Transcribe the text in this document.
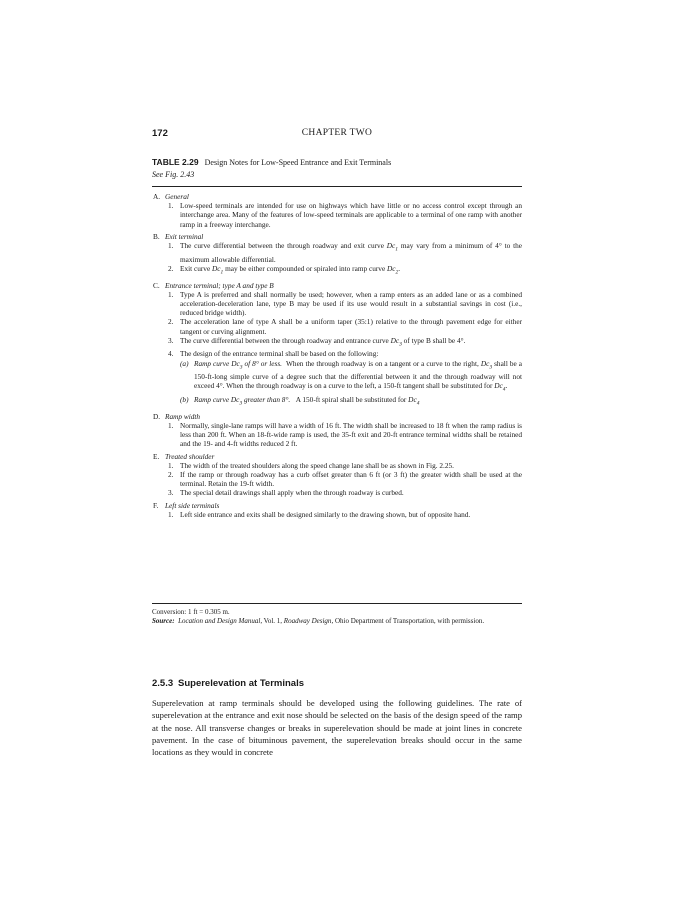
172	CHAPTER TWO
TABLE 2.29 Design Notes for Low-Speed Entrance and Exit Terminals
See Fig. 2.43
A. General
1. Low-speed terminals are intended for use on highways which have little or no access control except through an interchange area. Many of the features of low-speed terminals are applicable to a terminal of one ramp with another ramp in a freeway interchange.
B. Exit terminal
1. The curve differential between the through roadway and exit curve $Dc_1$ may vary from a minimum of 4° to the maximum allowable differential.
2. Exit curve $Dc_1$ may be either compounded or spiraled into ramp curve $Dc_2$.
C. Entrance terminal; type A and type B
1. Type A is preferred and shall normally be used; however, when a ramp enters as an added lane or as a combined acceleration-deceleration lane, type B may be used if its use would result in a substantial savings in cost (i.e., reduced bridge width).
2. The acceleration lane of type A shall be a uniform taper (35:1) relative to the through pavement edge for either tangent or curving alignment.
3. The curve differential between the through roadway and entrance curve $Dc_3$ of type B shall be 4°.
4. The design of the entrance terminal shall be based on the following:
(a) Ramp curve $Dc_3$ of 8° or less. When the through roadway is on a tangent or a curve to the right, $Dc_3$ shall be a 150-ft-long simple curve of a degree such that the differential between it and the through roadway will not exceed 4°. When the through roadway is on a curve to the left, a 150-ft tangent shall be substituted for $Dc_4$.
(b) Ramp curve $Dc_3$ greater than 8°. A 150-ft spiral shall be substituted for $Dc_4$
D. Ramp width
1. Normally, single-lane ramps will have a width of 16 ft. The width shall be increased to 18 ft when the ramp radius is less than 200 ft. When an 18-ft-wide ramp is used, the 35-ft exit and 20-ft entrance terminal widths shall be retained and the 19- and 4-ft widths reduced 2 ft.
E. Treated shoulder
1. The width of the treated shoulders along the speed change lane shall be as shown in Fig. 2.25.
2. If the ramp or through roadway has a curb offset greater than 6 ft (or 3 ft) the greater width shall be used at the terminal. Retain the 19-ft width.
3. The special detail drawings shall apply when the through roadway is curbed.
F. Left side terminals
1. Left side entrance and exits shall be designed similarly to the drawing shown, but of opposite hand.
Conversion: 1 ft = 0.305 m.
Source: Location and Design Manual, Vol. 1, Roadway Design, Ohio Department of Transportation, with permission.
2.5.3 Superelevation at Terminals
Superelevation at ramp terminals should be developed using the following guidelines. The rate of superelevation at the entrance and exit nose should be selected on the basis of the design speed of the ramp at the nose. All transverse changes or breaks in superelevation should be made at joint lines in concrete pavement. In the case of bituminous pavement, the superelevation breaks should occur in the same locations as they would in concrete
